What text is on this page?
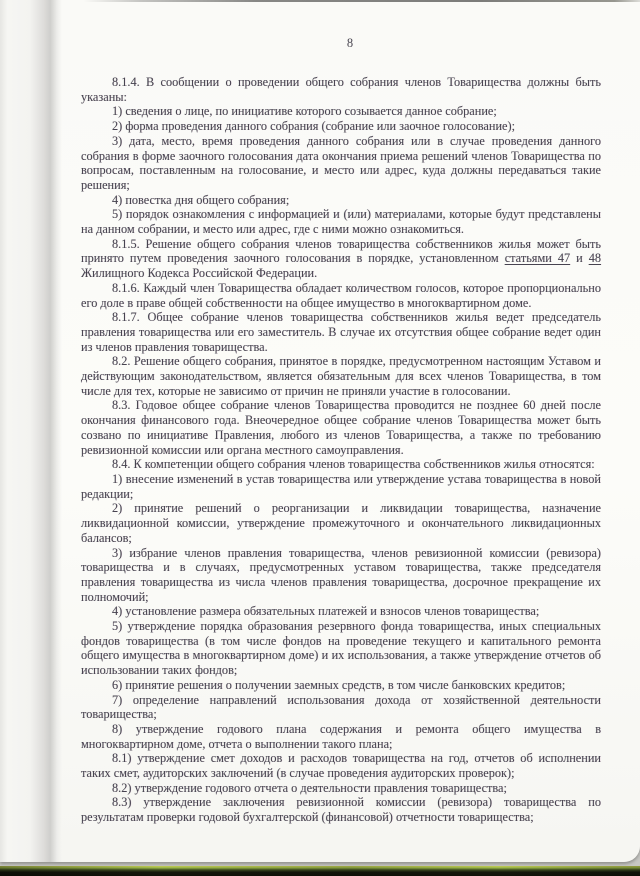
8

8.1.4. В сообщении о проведении общего собрания членов Товарищества должны быть указаны:

1) сведения о лице, по инициативе которого созывается данное собрание;

2) форма проведения данного собрания (собрание или заочное голосование);

3) дата, место, время проведения данного собрания или в случае проведения данного собрания в форме заочного голосования дата окончания приема решений членов Товарищества по вопросам, поставленным на голосование, и место или адрес, куда должны передаваться такие решения;

4) повестка дня общего собрания;

5) порядок ознакомления с информацией и (или) материалами, которые будут представлены на данном собрании, и место или адрес, где с ними можно ознакомиться.

8.1.5. Решение общего собрания членов товарищества собственников жилья может быть принято путем проведения заочного голосования в порядке, установленном статьями 47 и 48 Жилищного Кодекса Российской Федерации.

8.1.6. Каждый член Товарищества обладает количеством голосов, которое пропорционально его доле в праве общей собственности на общее имущество в многоквартирном доме.

8.1.7. Общее собрание членов товарищества собственников жилья ведет председатель правления товарищества или его заместитель. В случае их отсутствия общее собрание ведет один из членов правления товарищества.

8.2. Решение общего собрания, принятое в порядке, предусмотренном настоящим Уставом и действующим законодательством, является обязательным для всех членов Товарищества, в том числе для тех, которые не зависимо от причин не приняли участие в голосовании.

8.3. Годовое общее собрание членов Товарищества проводится не позднее 60 дней после окончания финансового года. Внеочередное общее собрание членов Товарищества может быть созвано по инициативе Правления, любого из членов Товарищества, а также по требованию ревизионной комиссии или органа местного самоуправления.

8.4. К компетенции общего собрания членов товарищества собственников жилья относятся:

1) внесение изменений в устав товарищества или утверждение устава товарищества в новой редакции;

2) принятие решений о реорганизации и ликвидации товарищества, назначение ликвидационной комиссии, утверждение промежуточного и окончательного ликвидационных балансов;

3) избрание членов правления товарищества, членов ревизионной комиссии (ревизора) товарищества и в случаях, предусмотренных уставом товарищества, также председателя правления товарищества из числа членов правления товарищества, досрочное прекращение их полномочий;

4) установление размера обязательных платежей и взносов членов товарищества;

5) утверждение порядка образования резервного фонда товарищества, иных специальных фондов товарищества (в том числе фондов на проведение текущего и капитального ремонта общего имущества в многоквартирном доме) и их использования, а также утверждение отчетов об использовании таких фондов;

6) принятие решения о получении заемных средств, в том числе банковских кредитов;

7) определение направлений использования дохода от хозяйственной деятельности товарищества;

8) утверждение годового плана содержания и ремонта общего имущества в многоквартирном доме, отчета о выполнении такого плана;

8.1) утверждение смет доходов и расходов товарищества на год, отчетов об исполнении таких смет, аудиторских заключений (в случае проведения аудиторских проверок);

8.2) утверждение годового отчета о деятельности правления товарищества;

8.3) утверждение заключения ревизионной комиссии (ревизора) товарищества по результатам проверки годовой бухгалтерской (финансовой) отчетности товарищества;
